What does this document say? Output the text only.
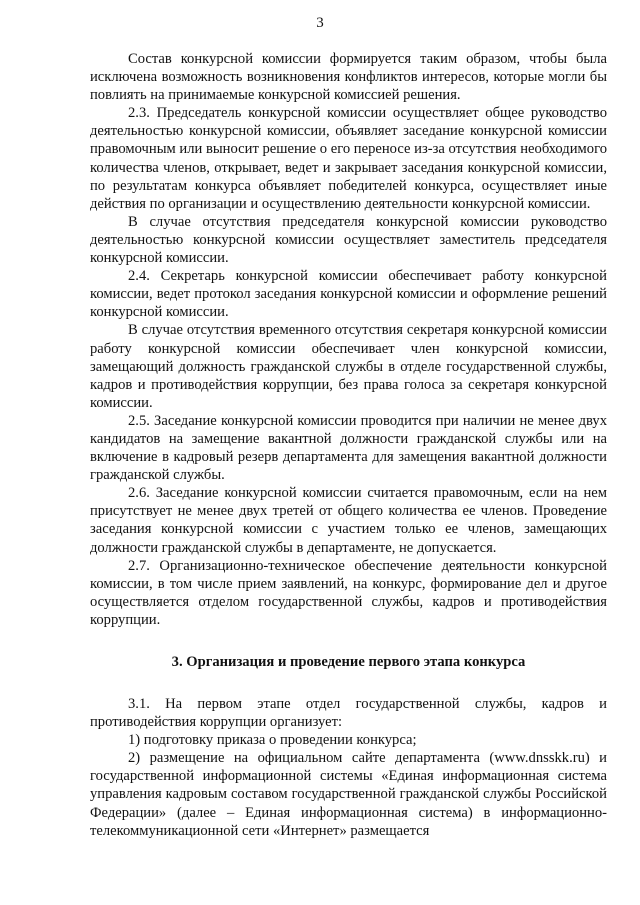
3

Состав конкурсной комиссии формируется таким образом, чтобы была исключена возможность возникновения конфликтов интересов, которые могли бы повлиять на принимаемые конкурсной комиссией решения.

2.3. Председатель конкурсной комиссии осуществляет общее руководство деятельностью конкурсной комиссии, объявляет заседание конкурсной комиссии правомочным или выносит решение о его переносе из-за отсутствия необходимого количества членов, открывает, ведет и закрывает заседания конкурсной комиссии, по результатам конкурса объявляет победителей конкурса, осуществляет иные действия по организации и осуществлению деятельности конкурсной комиссии.

В случае отсутствия председателя конкурсной комиссии руководство деятельностью конкурсной комиссии осуществляет заместитель председателя конкурсной комиссии.

2.4. Секретарь конкурсной комиссии обеспечивает работу конкурсной комиссии, ведет протокол заседания конкурсной комиссии и оформление решений конкурсной комиссии.

В случае отсутствия временного отсутствия секретаря конкурсной комиссии работу конкурсной комиссии обеспечивает член конкурсной комиссии, замещающий должность гражданской службы в отделе государственной службы, кадров и противодействия коррупции, без права голоса за секретаря конкурсной комиссии.

2.5. Заседание конкурсной комиссии проводится при наличии не менее двух кандидатов на замещение вакантной должности гражданской службы или на включение в кадровый резерв департамента для замещения вакантной должности гражданской службы.

2.6. Заседание конкурсной комиссии считается правомочным, если на нем присутствует не менее двух третей от общего количества ее членов. Проведение заседания конкурсной комиссии с участием только ее членов, замещающих должности гражданской службы в департаменте, не допускается.

2.7. Организационно-техническое обеспечение деятельности конкурсной комиссии, в том числе прием заявлений, на конкурс, формирование дел и другое осуществляется отделом государственной службы, кадров и противодействия коррупции.

3. Организация и проведение первого этапа конкурса

3.1. На первом этапе отдел государственной службы, кадров и противодействия коррупции организует:

1) подготовку приказа о проведении конкурса;

2) размещение на официальном сайте департамента (www.dnsskk.ru) и государственной информационной системы «Единая информационная система управления кадровым составом государственной гражданской службы Российской Федерации» (далее – Единая информационная система) в информационно-телекоммуникационной сети «Интернет» размещается
